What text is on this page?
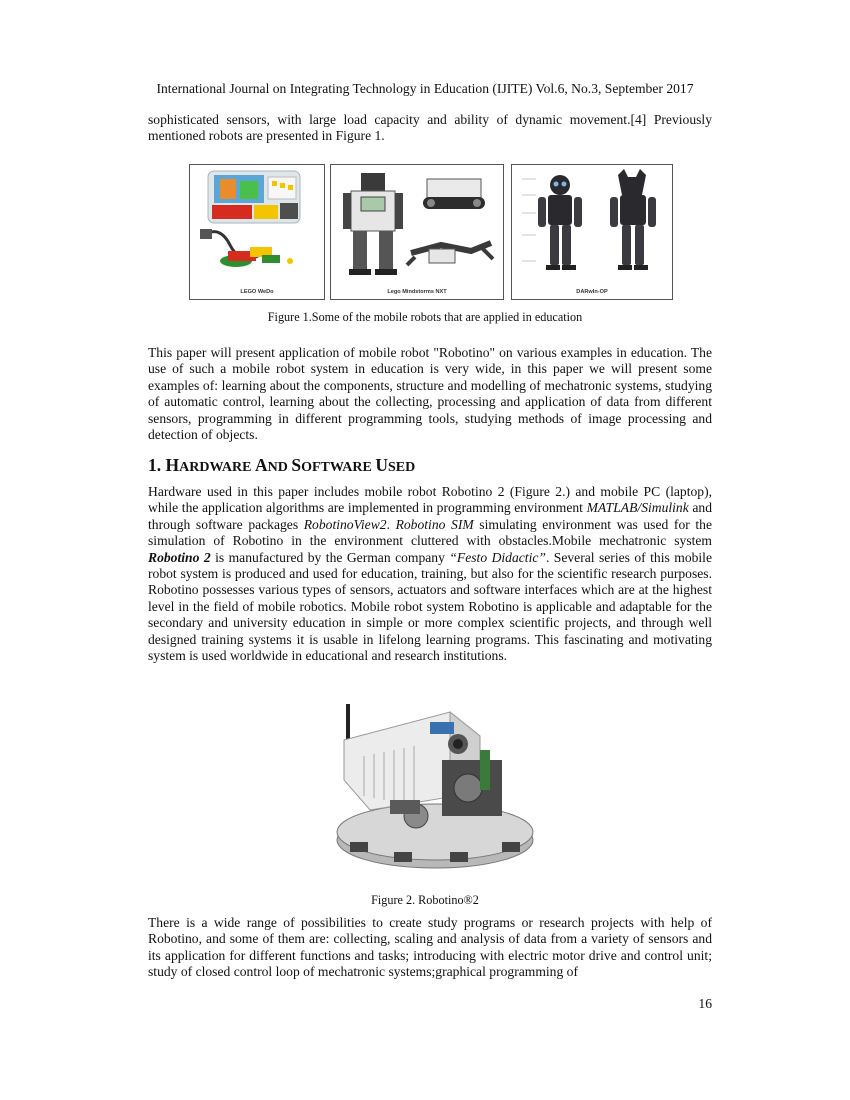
International Journal on Integrating Technology in Education (IJITE) Vol.6, No.3, September 2017

sophisticated sensors, with large load capacity and ability of dynamic movement.[4] Previously mentioned robots are presented in Figure 1.

LEGO WeDo	Lego Mindstorms NXT	DARwIn-OP
Figure 1.Some of the mobile robots that are applied in education

This paper will present application of mobile robot "Robotino" on various examples in education. The use of such a mobile robot system in education is very wide, in this paper we will present some examples of: learning about the components, structure and modelling of mechatronic systems, studying of automatic control, learning about the collecting, processing and application of data from different sensors, programming in different programming tools, studying methods of image processing and detection of objects.

1. HARDWARE AND SOFTWARE USED

Hardware used in this paper includes mobile robot Robotino 2 (Figure 2.) and mobile PC (laptop), while the application algorithms are implemented in programming environment MATLAB/Simulink and through software packages RobotinoView2. Robotino SIM simulating environment was used for the simulation of Robotino in the environment cluttered with obstacles.Mobile mechatronic system Robotino 2 is manufactured by the German company “Festo Didactic”. Several series of this mobile robot system is produced and used for education, training, but also for the scientific research purposes. Robotino possesses various types of sensors, actuators and software interfaces which are at the highest level in the field of mobile robotics. Mobile robot system Robotino is applicable and adaptable for the secondary and university education in simple or more complex scientific projects, and through well designed training systems it is usable in lifelong learning programs. This fascinating and motivating system is used worldwide in educational and research institutions.

Figure 2. Robotino®2

There is a wide range of possibilities to create study programs or research projects with help of Robotino, and some of them are: collecting, scaling and analysis of data from a variety of sensors and its application for different functions and tasks; introducing with electric motor drive and control unit; study of closed control loop of mechatronic systems;graphical programming of

16
